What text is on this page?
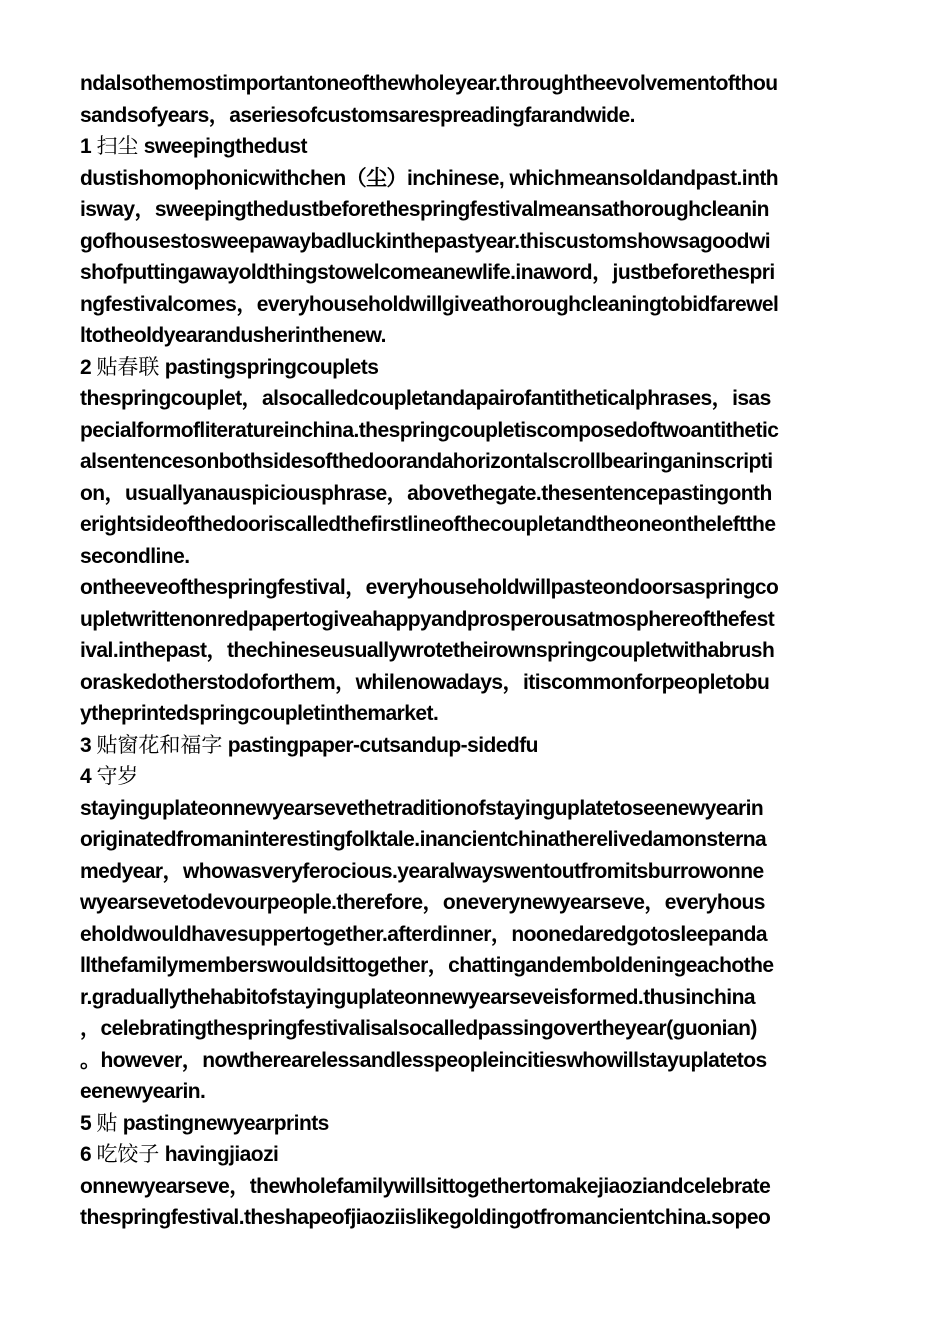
ndalsothemostimportantoneofthewholeyear.throughtheevolvementofthou
sandsofyears，aseriesofcustomsarespreadingfarandwide.
1 扫尘 sweepingthedust
dustishomophonicwithchen（尘）inchinese, whichmeansoldandpast.inth
isway，sweepingthedustbeforethespringfestivalmeansathoroughcleanin
gofhousestosweepawaybadluckinthepastyear.thiscustomshowsagoodwi
shofputtingawayoldthingstowelcomeanewlife.inaword，justbeforethespri
ngfestivalcomes，everyhouseholdwillgiveathoroughcleaningtobidfarewel
ltotheoldyearandusherinthenew.
2 贴春联 pastingspringcouplets
thespringcouplet，alsocalledcoupletandapairofantitheticalphrases，isas
pecialformofliteratureinchina.thespringcoupletiscomposedoftwoantithetic
alsentencesonbothsidesofthedoorandahorizontalscrollbearinganinscripti
on，usuallyanauspiciousphrase，abovethegate.thesentencepastingonth
erightsideofthedooriscalledthefirstlineofthecoupletandtheoneontheleftthe
secondline.
ontheeveofthespringfestival，everyhouseholdwillpasteondoorsaspringco
upletwrittenonredpapertogiveahappyandprosperousatmosphereofthefest
ival.inthepast，thechineseusuallywrotetheirownspringcoupletwithabrush
oraskedotherstodoforthem，whilenowadays，itiscommonforpeopletobu
ytheprintedspringcoupletinthemarket.
3 贴窗花和福字 pastingpaper-cutsandup-sidedfu
4 守岁
stayinguplateonnewyearsevethetraditionofstayinguplatetoseenewyearin
originatedfromaninterestingfolktale.inancientchinatherelivedamonsterna
medyear，whowasveryferocious.yearalwayswentoutfromitsburrowonne
wyearsevetodevourpeople.therefore，oneverynewyearseve，everyhous
eholdwouldhavesuppertogether.afterdinner，noonedaredgotosleepanda
llthefamilymemberswouldsittogether，chattingandembоldeningeachothe
r.graduallythehabitofstayinguplateonnewyearseveisformed.thusinchina
，celebratingthespringfestivalisalsocalledpassingovertheyear(guonian)
。however，nowtherearelessandlesspeopleincitieswhowillstayuplatetos
eenewyearin.
5 贴 pastingnewyearprints
6 吃饺子 havingjiaozi
onnewyearseve，thewholefamilywillsittogethertomakejiaoziandcelebrate
thespringfestival.theshapeofjiaoziislikegoldingotfromancientchina.sopeo
